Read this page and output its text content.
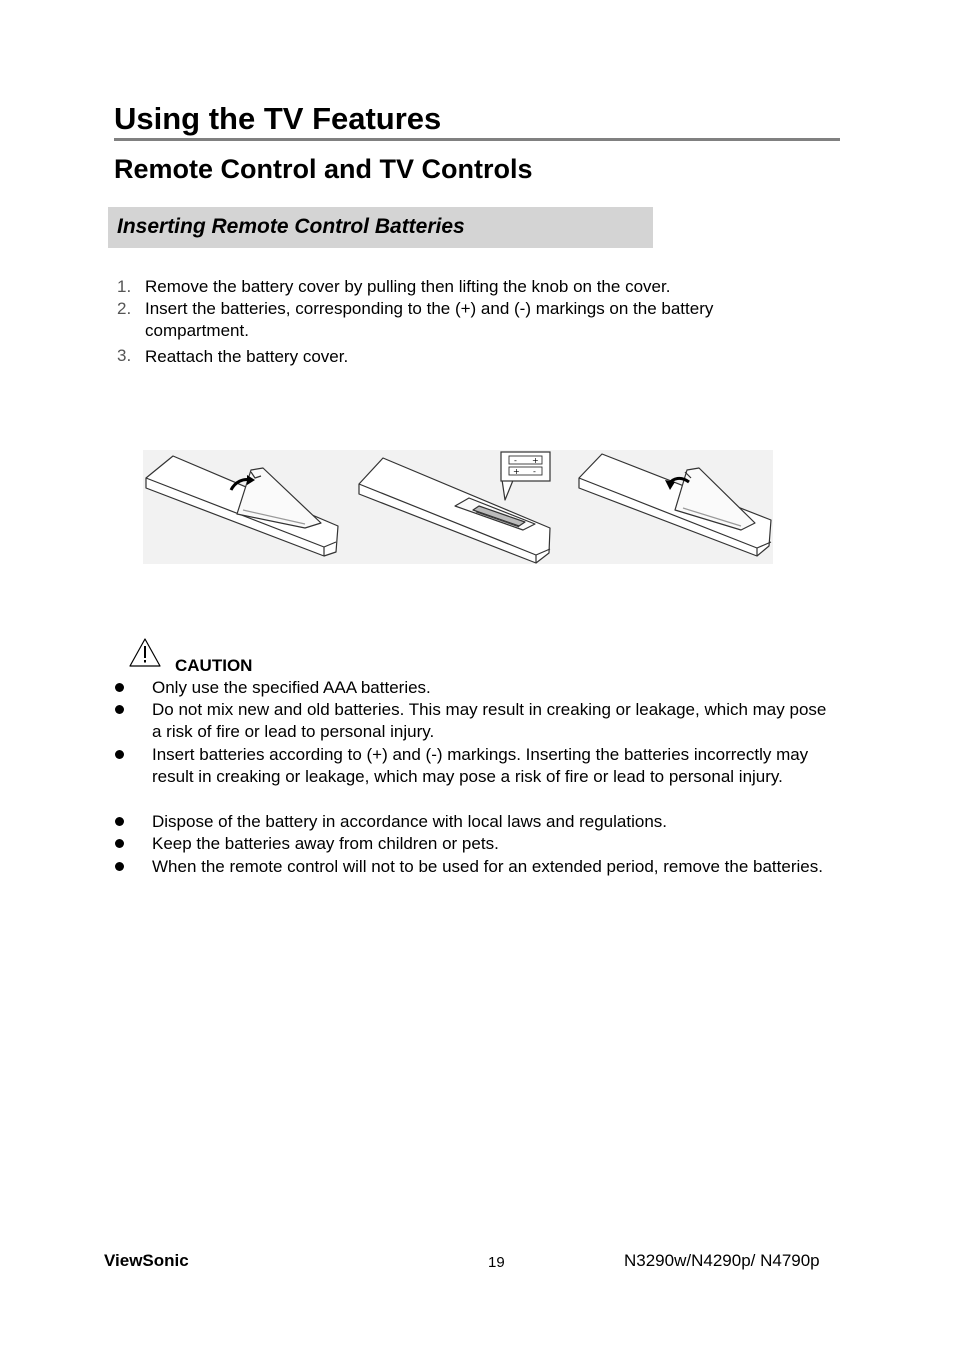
Using the TV Features
Remote Control and TV Controls
Inserting Remote Control Batteries
1. Remove the battery cover by pulling then lifting the knob on the cover.
2. Insert the batteries, corresponding to the (+) and (-) markings on the battery compartment.
3. Reattach the battery cover.
- +
+ -
CAUTION
Only use the specified AAA batteries.
Do not mix new and old batteries. This may result in creaking or leakage, which may pose a risk of fire or lead to personal injury.
Insert batteries according to (+) and (-) markings. Inserting the batteries incorrectly may result in creaking or leakage, which may pose a risk of fire or lead to personal injury.
Dispose of the battery in accordance with local laws and regulations.
Keep the batteries away from children or pets.
When the remote control will not to be used for an extended period, remove the batteries.
ViewSonic	19	N3290w/N4290p/ N4790p
